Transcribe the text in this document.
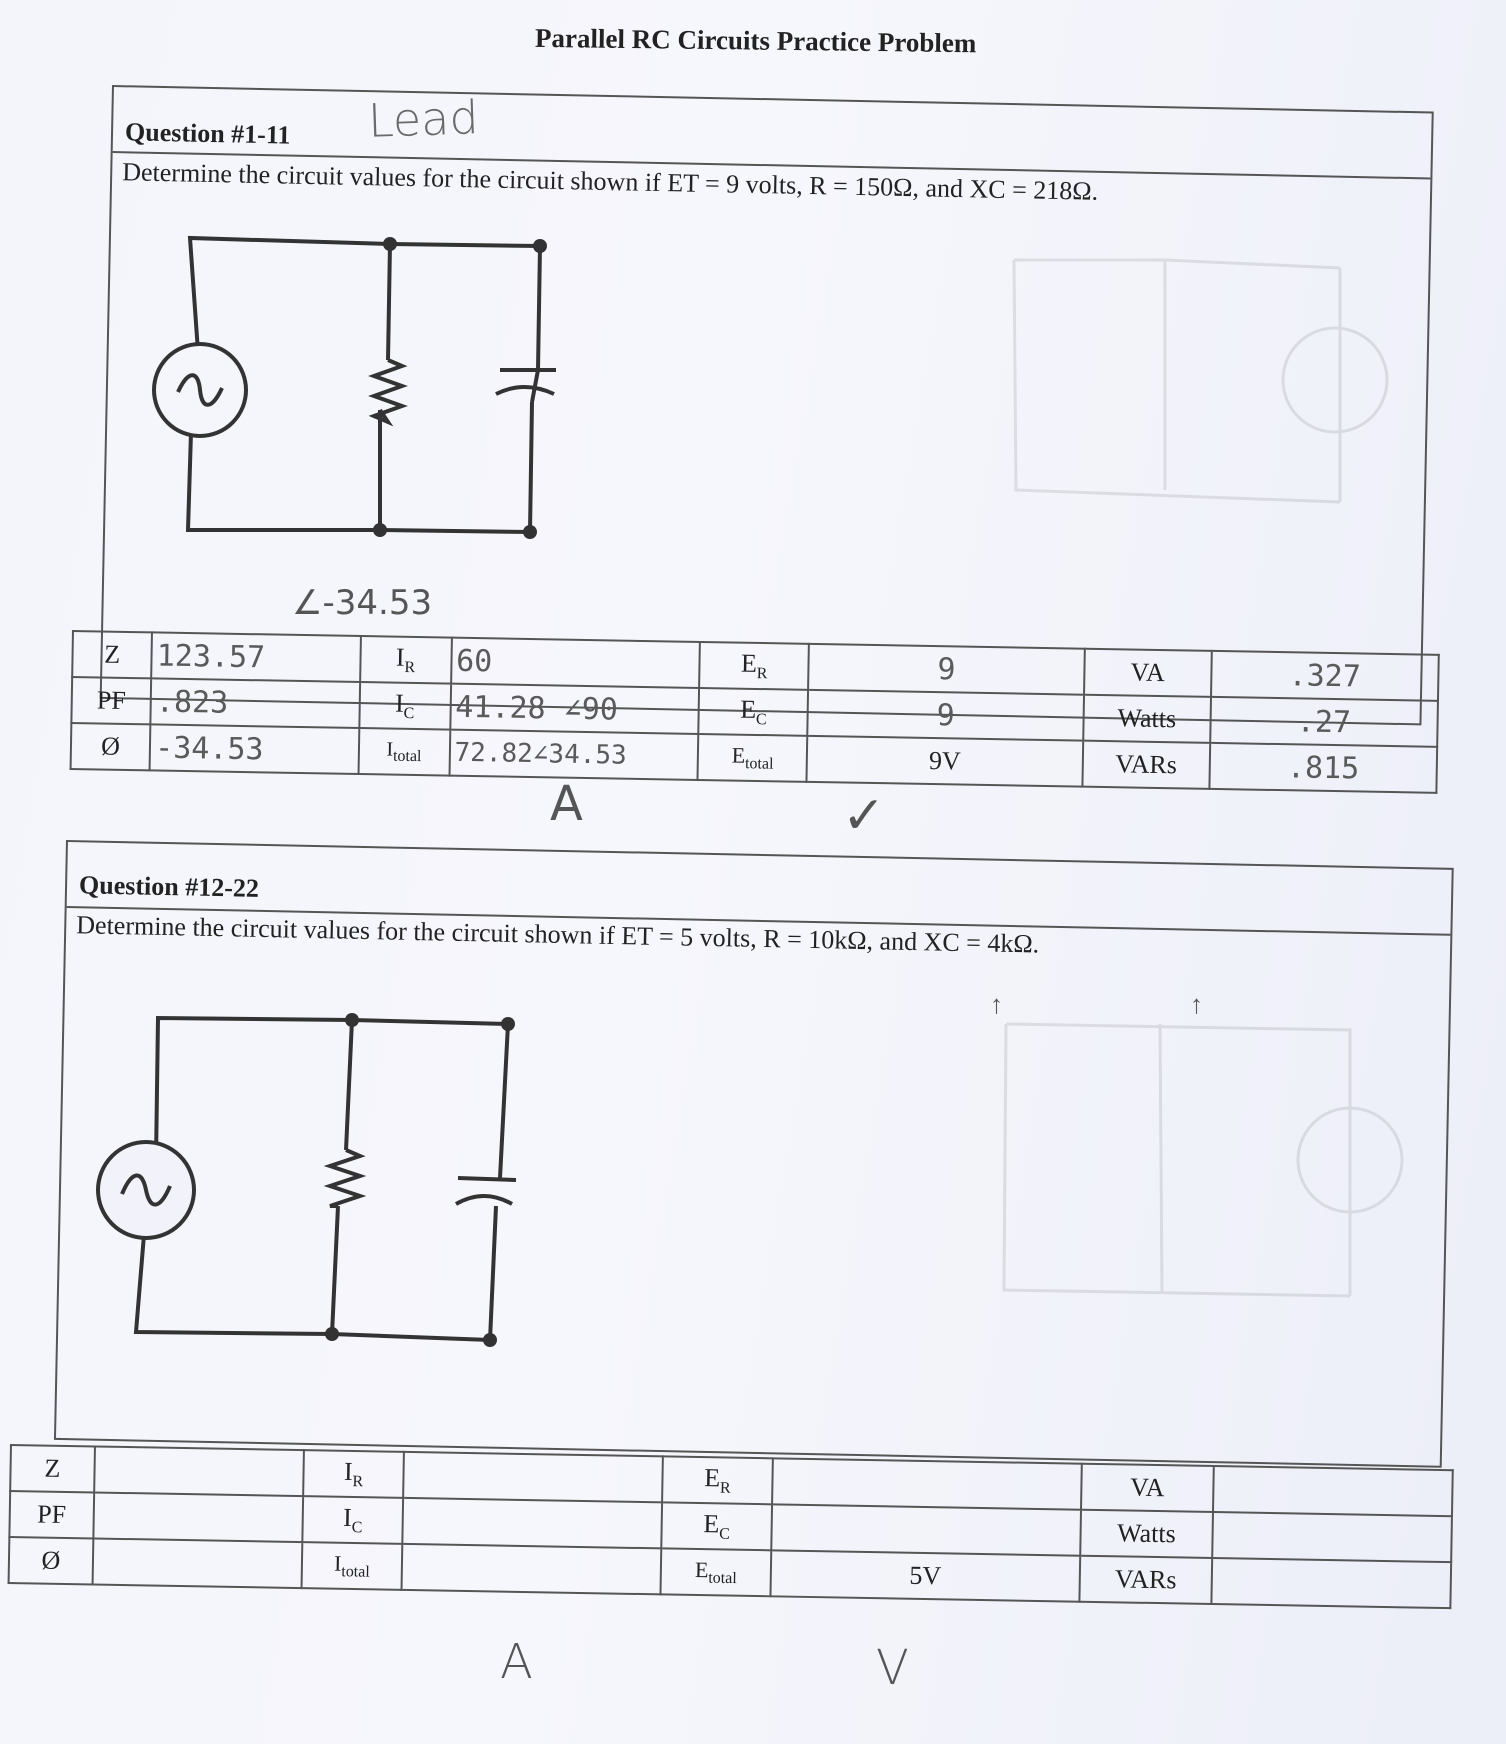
Parallel RC Circuits Practice Problem
Question #1-11
Determine the circuit values for the circuit shown if ET = 9 volts, R = 150Ω, and XC = 218Ω.
Lead
∠-34.53
Z	123.57	$I_R$	60	$E_R$	9	VA	.327
PF	.823	$I_C$	41.28 ∠90	$E_C$	9	Watts	.27
Ø	-34.53	$I_{total}$	72.82∠34.53	$E_{total}$	9V	VARs	.815
A	✓
Question #12-22
Determine the circuit values for the circuit shown if ET = 5 volts, R = 10kΩ, and XC = 4kΩ.
↑	↑
Z		$I_R$		$E_R$		VA	
PF		$I_C$		$E_C$		Watts	
Ø		$I_{total}$		$E_{total}$	5V	VARs	
A	V
